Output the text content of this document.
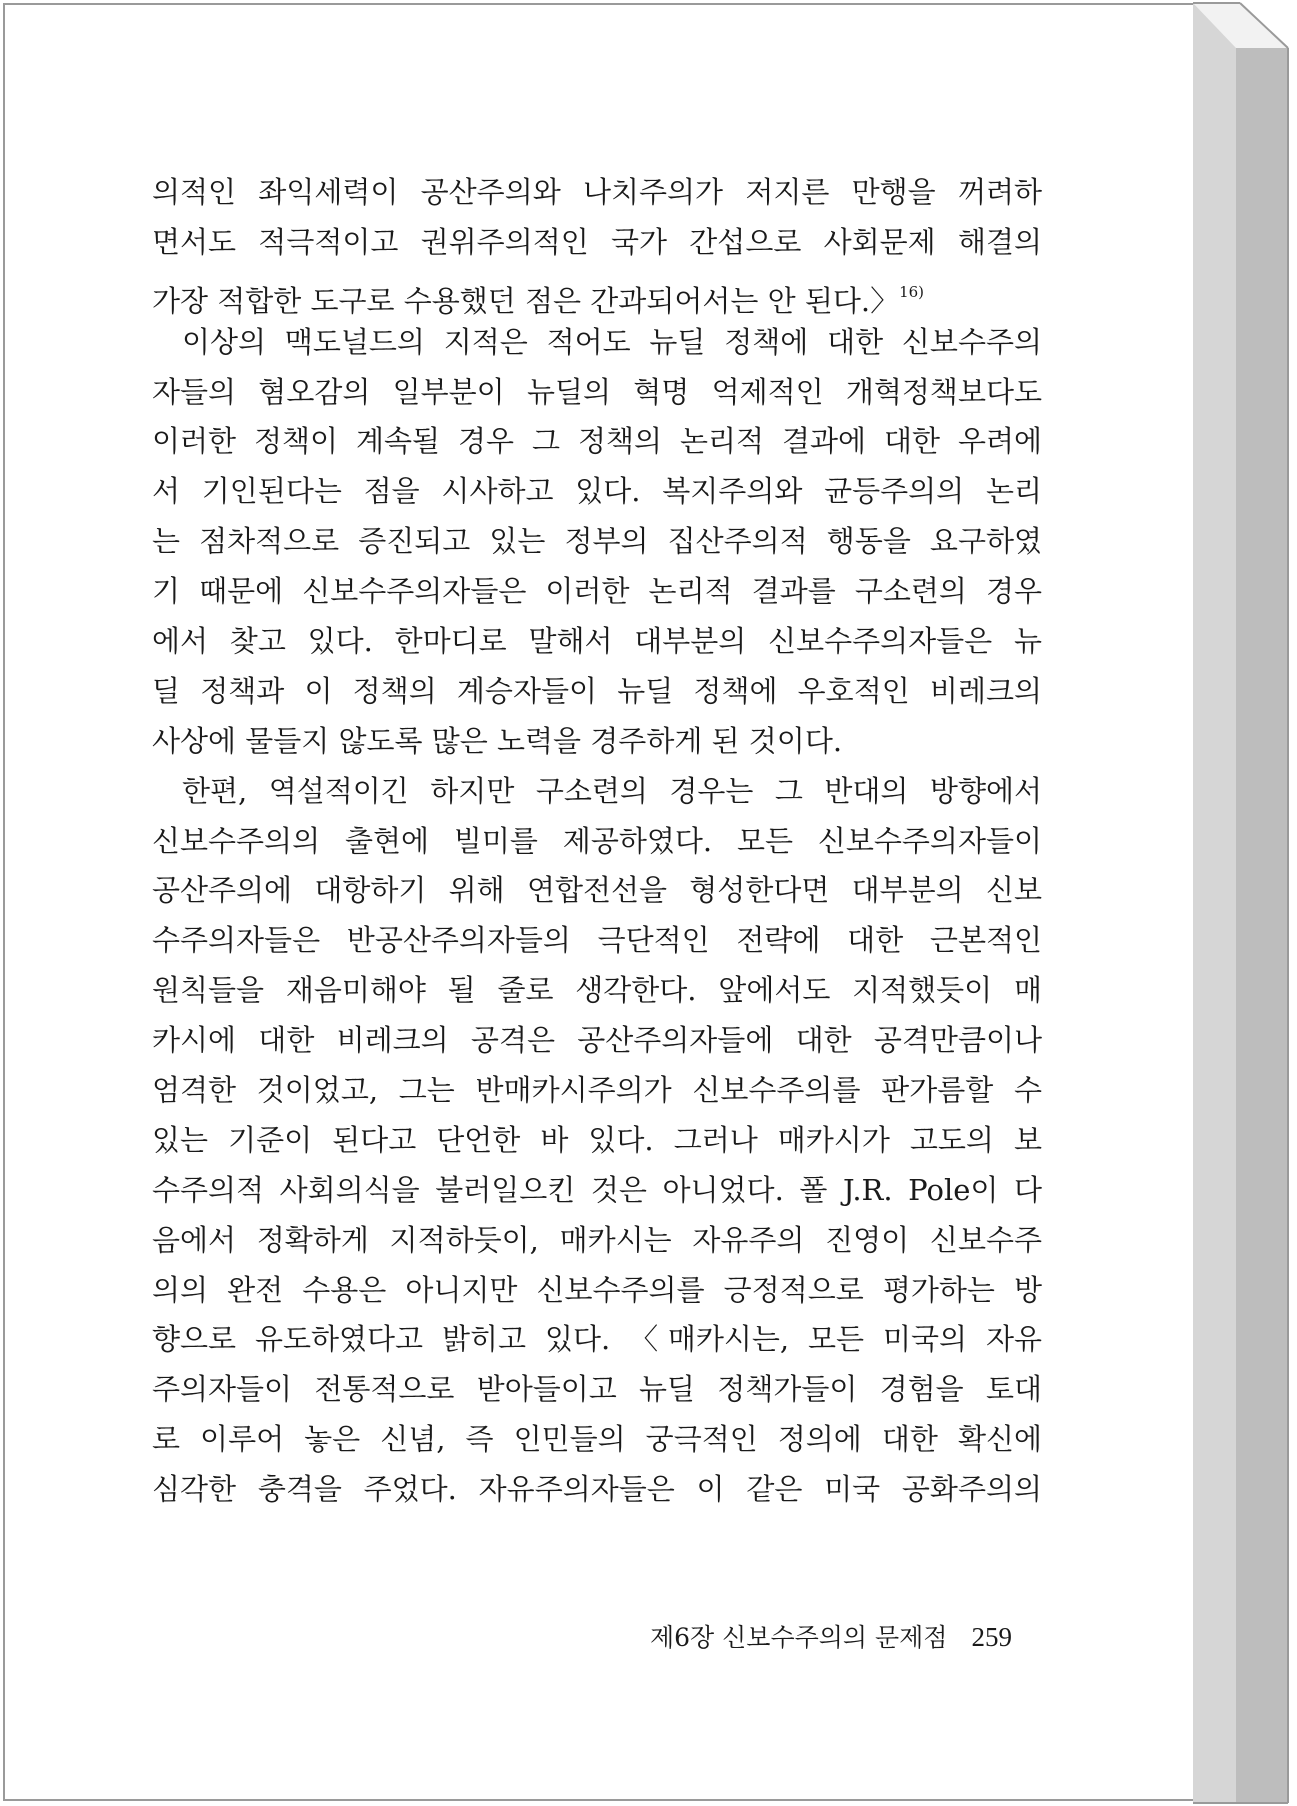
의적인 좌익세력이 공산주의와 나치주의가 저지른 만행을 꺼려하
면서도 적극적이고 권위주의적인 국가 간섭으로 사회문제 해결의
가장 적합한 도구로 수용했던 점은 간과되어서는 안 된다.〉$^{16)}$
이상의 맥도널드의 지적은 적어도 뉴딜 정책에 대한 신보수주의
자들의 혐오감의 일부분이 뉴딜의 혁명 억제적인 개혁정책보다도
이러한 정책이 계속될 경우 그 정책의 논리적 결과에 대한 우려에
서 기인된다는 점을 시사하고 있다. 복지주의와 균등주의의 논리
는 점차적으로 증진되고 있는 정부의 집산주의적 행동을 요구하였
기 때문에 신보수주의자들은 이러한 논리적 결과를 구소련의 경우
에서 찾고 있다. 한마디로 말해서 대부분의 신보수주의자들은 뉴
딜 정책과 이 정책의 계승자들이 뉴딜 정책에 우호적인 비레크의
사상에 물들지 않도록 많은 노력을 경주하게 된 것이다.
한편, 역설적이긴 하지만 구소련의 경우는 그 반대의 방향에서
신보수주의의 출현에 빌미를 제공하였다. 모든 신보수주의자들이
공산주의에 대항하기 위해 연합전선을 형성한다면 대부분의 신보
수주의자들은 반공산주의자들의 극단적인 전략에 대한 근본적인
원칙들을 재음미해야 될 줄로 생각한다. 앞에서도 지적했듯이 매
카시에 대한 비레크의 공격은 공산주의자들에 대한 공격만큼이나
엄격한 것이었고, 그는 반매카시주의가 신보수주의를 판가름할 수
있는 기준이 된다고 단언한 바 있다. 그러나 매카시가 고도의 보
수주의적 사회의식을 불러일으킨 것은 아니었다. 폴 J.R. Pole이 다
음에서 정확하게 지적하듯이, 매카시는 자유주의 진영이 신보수주
의의 완전 수용은 아니지만 신보수주의를 긍정적으로 평가하는 방
향으로 유도하였다고 밝히고 있다. 〈매카시는, 모든 미국의 자유
주의자들이 전통적으로 받아들이고 뉴딜 정책가들이 경험을 토대
로 이루어 놓은 신념, 즉 인민들의 궁극적인 정의에 대한 확신에
심각한 충격을 주었다. 자유주의자들은 이 같은 미국 공화주의의
제6장 신보수주의의 문제점 259
